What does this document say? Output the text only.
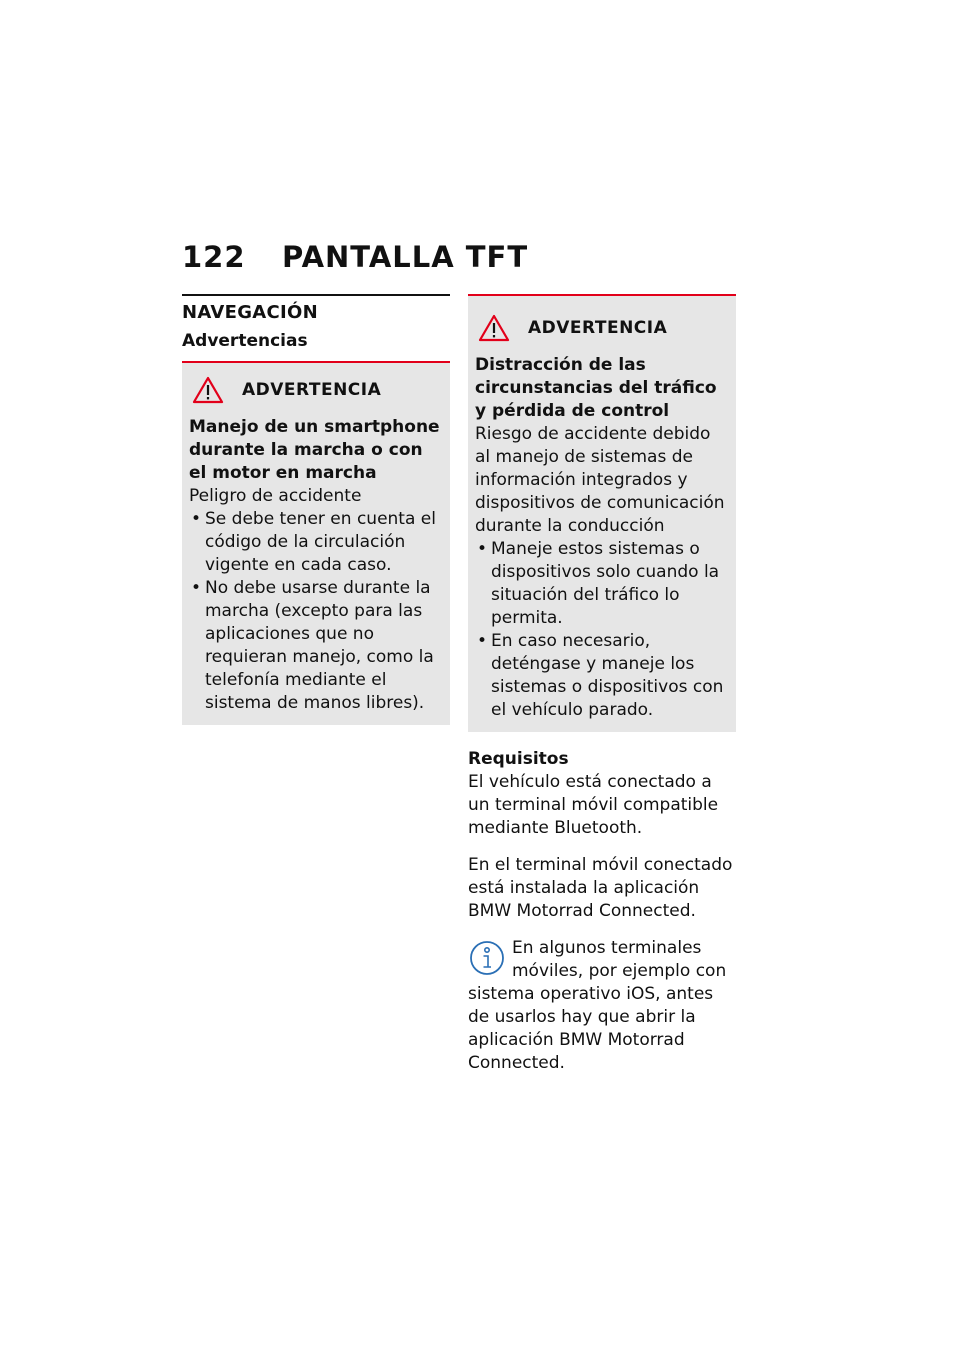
122 PANTALLA TFT
NAVEGACIÓN
Advertencias
ADVERTENCIA

Manejo de un smartphone durante la marcha o con el motor en marcha

Peligro de accidente

• Se debe tener en cuenta el código de la circulación vigente en cada caso.
• No debe usarse durante la marcha (excepto para las aplicaciones que no requieran manejo, como la telefonía mediante el sistema de manos libres).
ADVERTENCIA

Distracción de las circunstancias del tráfico y pérdida de control

Riesgo de accidente debido al manejo de sistemas de información integrados y dispositivos de comunicación durante la conducción

• Maneje estos sistemas o dispositivos solo cuando la situación del tráfico lo permita.
• En caso necesario, deténgase y maneje los sistemas o dispositivos con el vehículo parado.

Requisitos

El vehículo está conectado a un terminal móvil compatible mediante Bluetooth.

En el terminal móvil conectado está instalada la aplicación BMW Motorrad Connected.

En algunos terminales móviles, por ejemplo con sistema operativo iOS, antes de usarlos hay que abrir la aplicación BMW Motorrad Connected.
